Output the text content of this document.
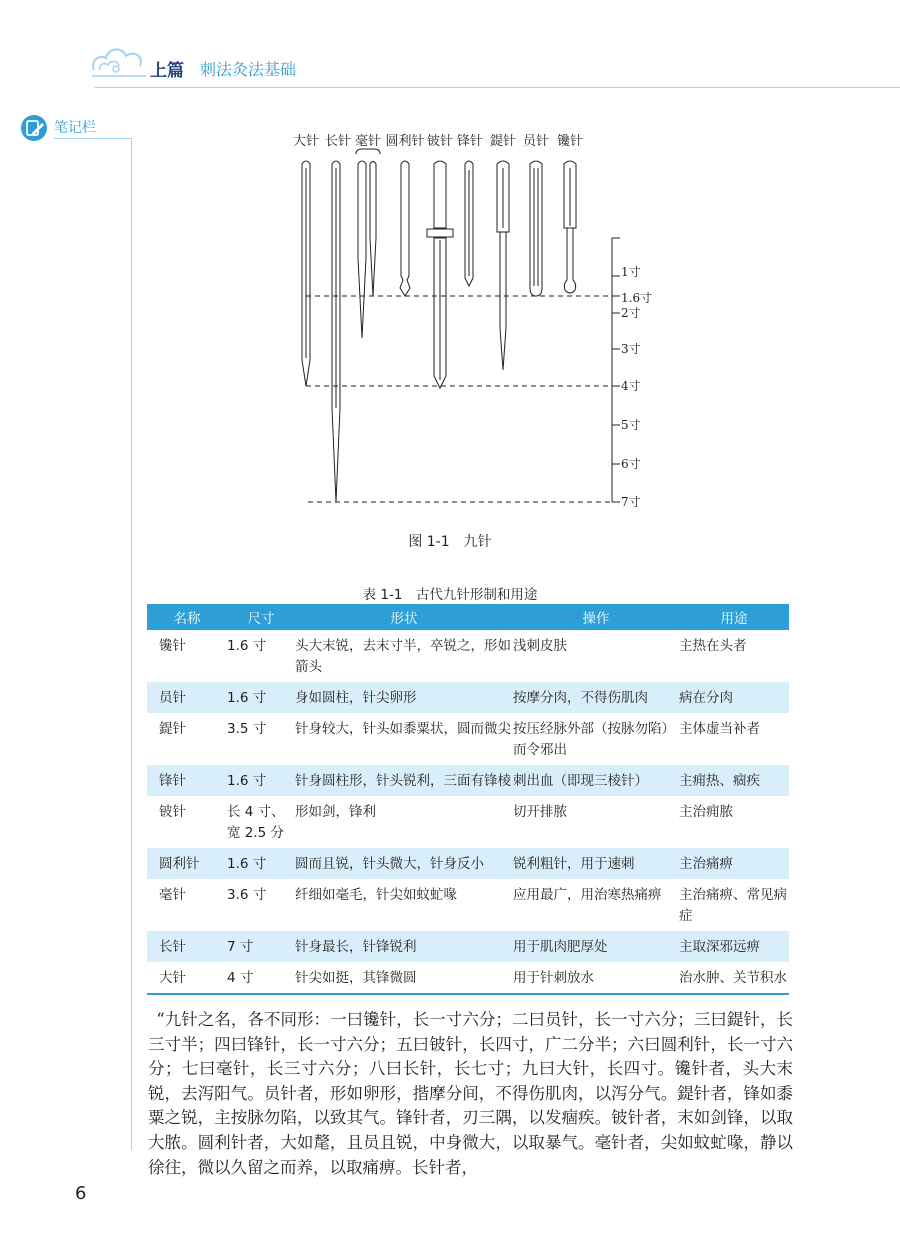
上篇 刺法灸法基础
笔记栏
大针 长针 毫针 圆利针 铍针 锋针 鍉针 员针 镵针
1寸
1.6寸
2寸
3寸
4寸
5寸
6寸
7寸
图 1-1　九针
表 1-1　古代九针形制和用途
名称	尺寸	形状	操作	用途
镵针	1.6 寸	头大末锐，去末寸半，卒锐之，形如箭头	浅刺皮肤	主热在头者
员针	1.6 寸	身如圆柱，针尖卵形	按摩分肉，不得伤肌肉	病在分肉
鍉针	3.5 寸	针身较大，针头如黍粟状，圆而微尖	按压经脉外部（按脉勿陷）而令邪出	主体虚当补者
锋针	1.6 寸	针身圆柱形，针头锐利，三面有锋棱	刺出血（即现三棱针）	主痈热、痼疾
铍针	长 4 寸、宽 2.5 分	形如剑，锋利	切开排脓	主治痈脓
圆利针	1.6 寸	圆而且锐，针头微大，针身反小	锐利粗针，用于速刺	主治痛痹
毫针	3.6 寸	纤细如毫毛，针尖如蚊虻喙	应用最广，用治寒热痛痹	主治痛痹、常见病症
长针	7 寸	针身最长，针锋锐利	用于肌肉肥厚处	主取深邪远痹
大针	4 寸	针尖如挺，其锋微圆	用于针刺放水	治水肿、关节积水

“九针之名，各不同形：一曰镵针，长一寸六分；二曰员针，长一寸六分；三曰鍉针，长三寸半；四曰锋针，长一寸六分；五曰铍针，长四寸，广二分半；六曰圆利针，长一寸六分；七曰毫针，长三寸六分；八曰长针，长七寸；九曰大针，长四寸。镵针者，头大末锐，去泻阳气。员针者，形如卵形，揩摩分间，不得伤肌肉，以泻分气。鍉针者，锋如黍粟之锐，主按脉勿陷，以致其气。锋针者，刃三隅，以发痼疾。铍针者，末如剑锋，以取大脓。圆利针者，大如氂，且员且锐，中身微大，以取暴气。毫针者，尖如蚊虻喙，静以徐往，微以久留之而养，以取痛痹。长针者，

6
